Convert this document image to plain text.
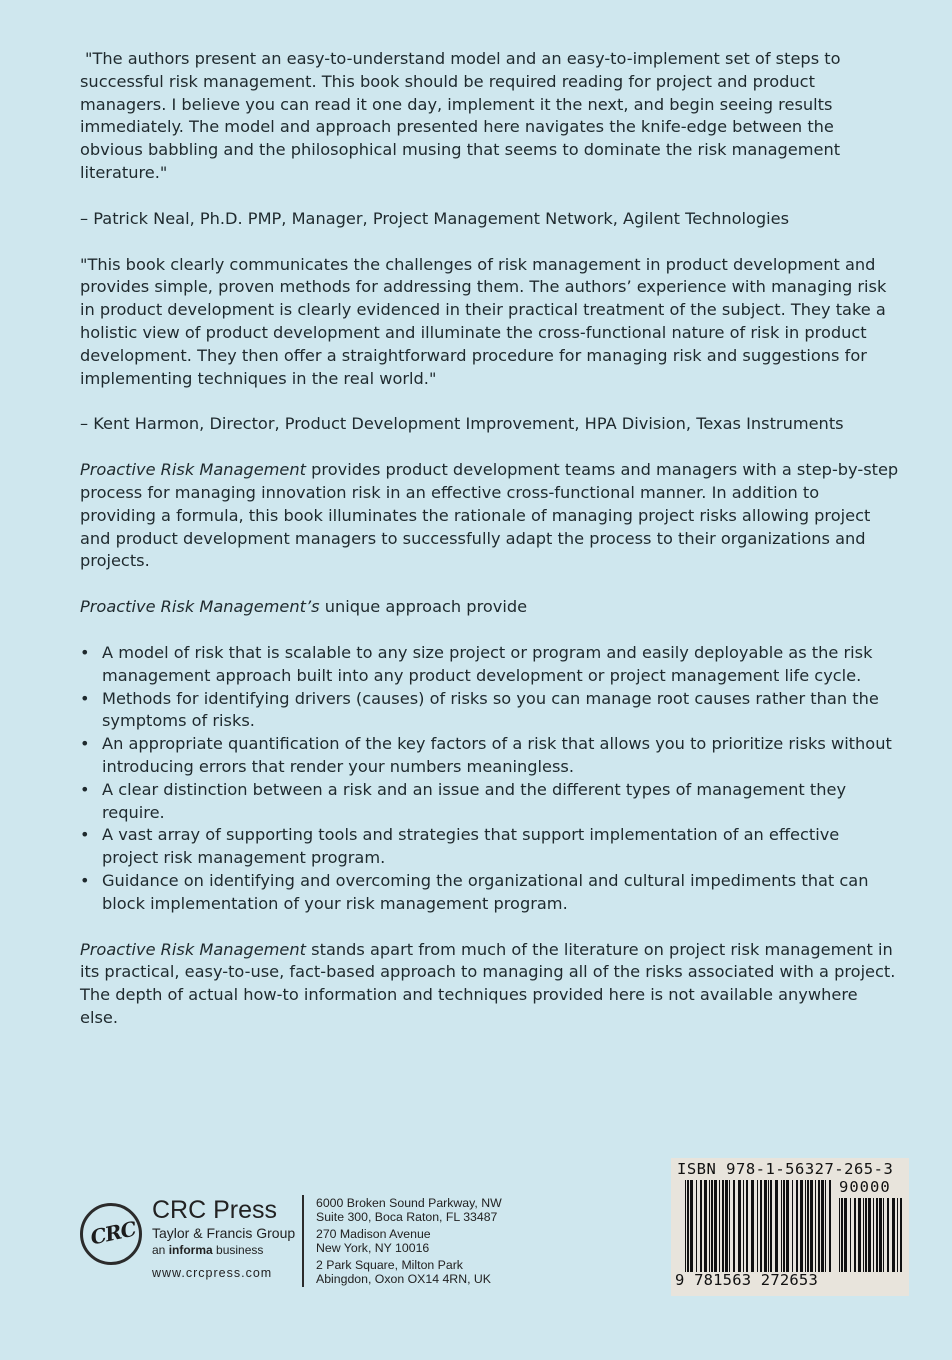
"The authors present an easy-to-understand model and an easy-to-implement set of steps to successful risk management. This book should be required reading for project and product managers. I believe you can read it one day, implement it the next, and begin seeing results immediately. The model and approach presented here navigates the knife-edge between the obvious babbling and the philosophical musing that seems to dominate the risk management literature."

– Patrick Neal, Ph.D. PMP, Manager, Project Management Network, Agilent Technologies

"This book clearly communicates the challenges of risk management in product development and provides simple, proven methods for addressing them. The authors’ experience with managing risk in product development is clearly evidenced in their practical treatment of the subject. They take a holistic view of product development and illuminate the cross-functional nature of risk in product development. They then offer a straightforward procedure for managing risk and suggestions for implementing techniques in the real world."

– Kent Harmon, Director, Product Development Improvement, HPA Division, Texas Instruments

Proactive Risk Management provides product development teams and managers with a step-by-step process for managing innovation risk in an effective cross-functional manner. In addition to providing a formula, this book illuminates the rationale of managing project risks allowing project and product development managers to successfully adapt the process to their organizations and projects.

Proactive Risk Management’s unique approach provide

• A model of risk that is scalable to any size project or program and easily deployable as the risk management approach built into any product development or project management life cycle.
• Methods for identifying drivers (causes) of risks so you can manage root causes rather than the symptoms of risks.
• An appropriate quantification of the key factors of a risk that allows you to prioritize risks without introducing errors that render your numbers meaningless.
• A clear distinction between a risk and an issue and the different types of management they require.
• A vast array of supporting tools and strategies that support implementation of an effective project risk management program.
• Guidance on identifying and overcoming the organizational and cultural impediments that can block implementation of your risk management program.

Proactive Risk Management stands apart from much of the literature on project risk management in its practical, easy-to-use, fact-based approach to managing all of the risks associated with a project. The depth of actual how-to information and techniques provided here is not available anywhere else.

CRC
CRC Press
Taylor & Francis Group
an informa business
www.crcpress.com
6000 Broken Sound Parkway, NW
Suite 300, Boca Raton, FL 33487
270 Madison Avenue
New York, NY 10016
2 Park Square, Milton Park
Abingdon, Oxon OX14 4RN, UK
ISBN 978-1-56327-265-3
90000
9 781563 272653
